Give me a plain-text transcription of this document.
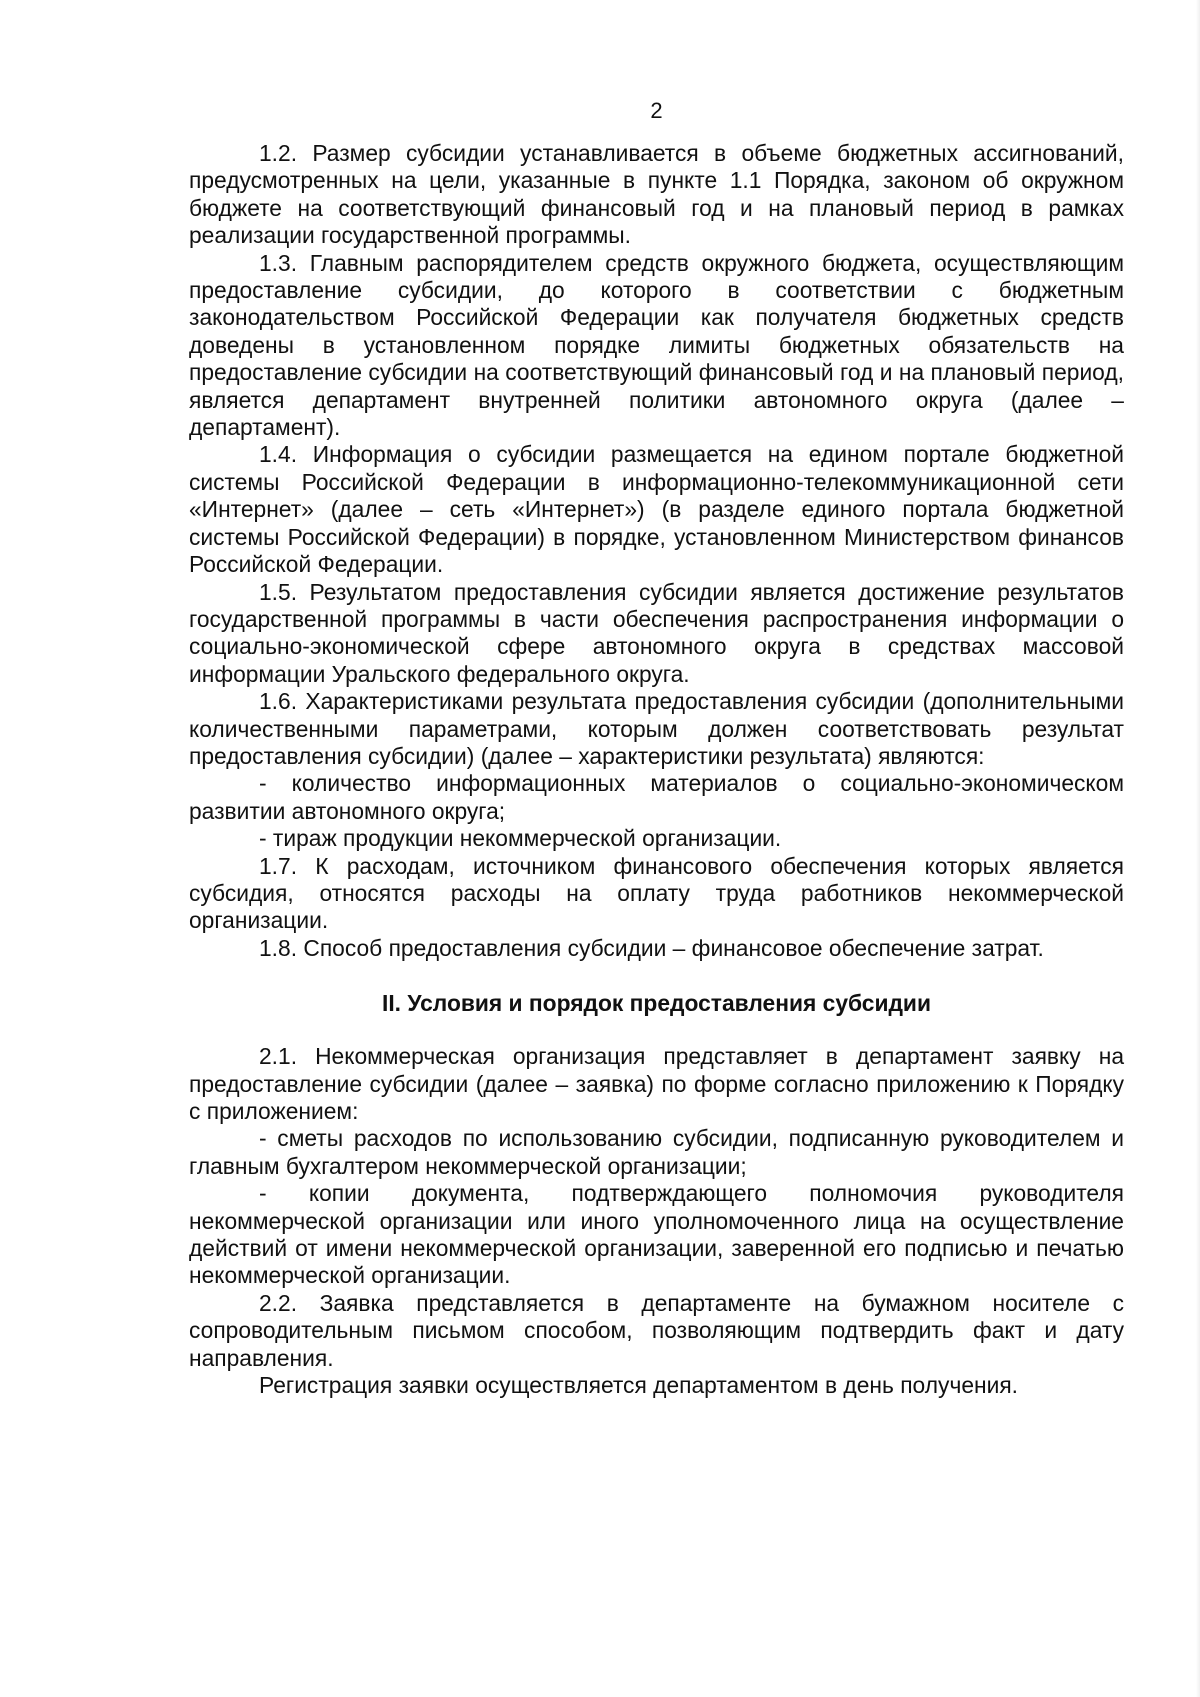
2

1.2. Размер субсидии устанавливается в объеме бюджетных ассигнований, предусмотренных на цели, указанные в пункте 1.1 Порядка, законом об окружном бюджете на соответствующий финансовый год и на плановый период в рамках реализации государственной программы.

1.3. Главным распорядителем средств окружного бюджета, осуществляющим предоставление субсидии, до которого в соответствии с бюджетным законодательством Российской Федерации как получателя бюджетных средств доведены в установленном порядке лимиты бюджетных обязательств на предоставление субсидии на соответствующий финансовый год и на плановый период, является департамент внутренней политики автономного округа (далее – департамент).

1.4. Информация о субсидии размещается на едином портале бюджетной системы Российской Федерации в информационно-телекоммуникационной сети «Интернет» (далее – сеть «Интернет») (в разделе единого портала бюджетной системы Российской Федерации) в порядке, установленном Министерством финансов Российской Федерации.

1.5. Результатом предоставления субсидии является достижение результатов государственной программы в части обеспечения распространения информации о социально-экономической сфере автономного округа в средствах массовой информации Уральского федерального округа.

1.6. Характеристиками результата предоставления субсидии (дополнительными количественными параметрами, которым должен соответствовать результат предоставления субсидии) (далее – характеристики результата) являются:

- количество информационных материалов о социально-экономическом развитии автономного округа;

- тираж продукции некоммерческой организации.

1.7. К расходам, источником финансового обеспечения которых является субсидия, относятся расходы на оплату труда работников некоммерческой организации.

1.8. Способ предоставления субсидии – финансовое обеспечение затрат.

II. Условия и порядок предоставления субсидии

2.1. Некоммерческая организация представляет в департамент заявку на предоставление субсидии (далее – заявка) по форме согласно приложению к Порядку с приложением:

- сметы расходов по использованию субсидии, подписанную руководителем и главным бухгалтером некоммерческой организации;

- копии документа, подтверждающего полномочия руководителя некоммерческой организации или иного уполномоченного лица на осуществление действий от имени некоммерческой организации, заверенной его подписью и печатью некоммерческой организации.

2.2. Заявка представляется в департаменте на бумажном носителе с сопроводительным письмом способом, позволяющим подтвердить факт и дату направления.

Регистрация заявки осуществляется департаментом в день получения.
